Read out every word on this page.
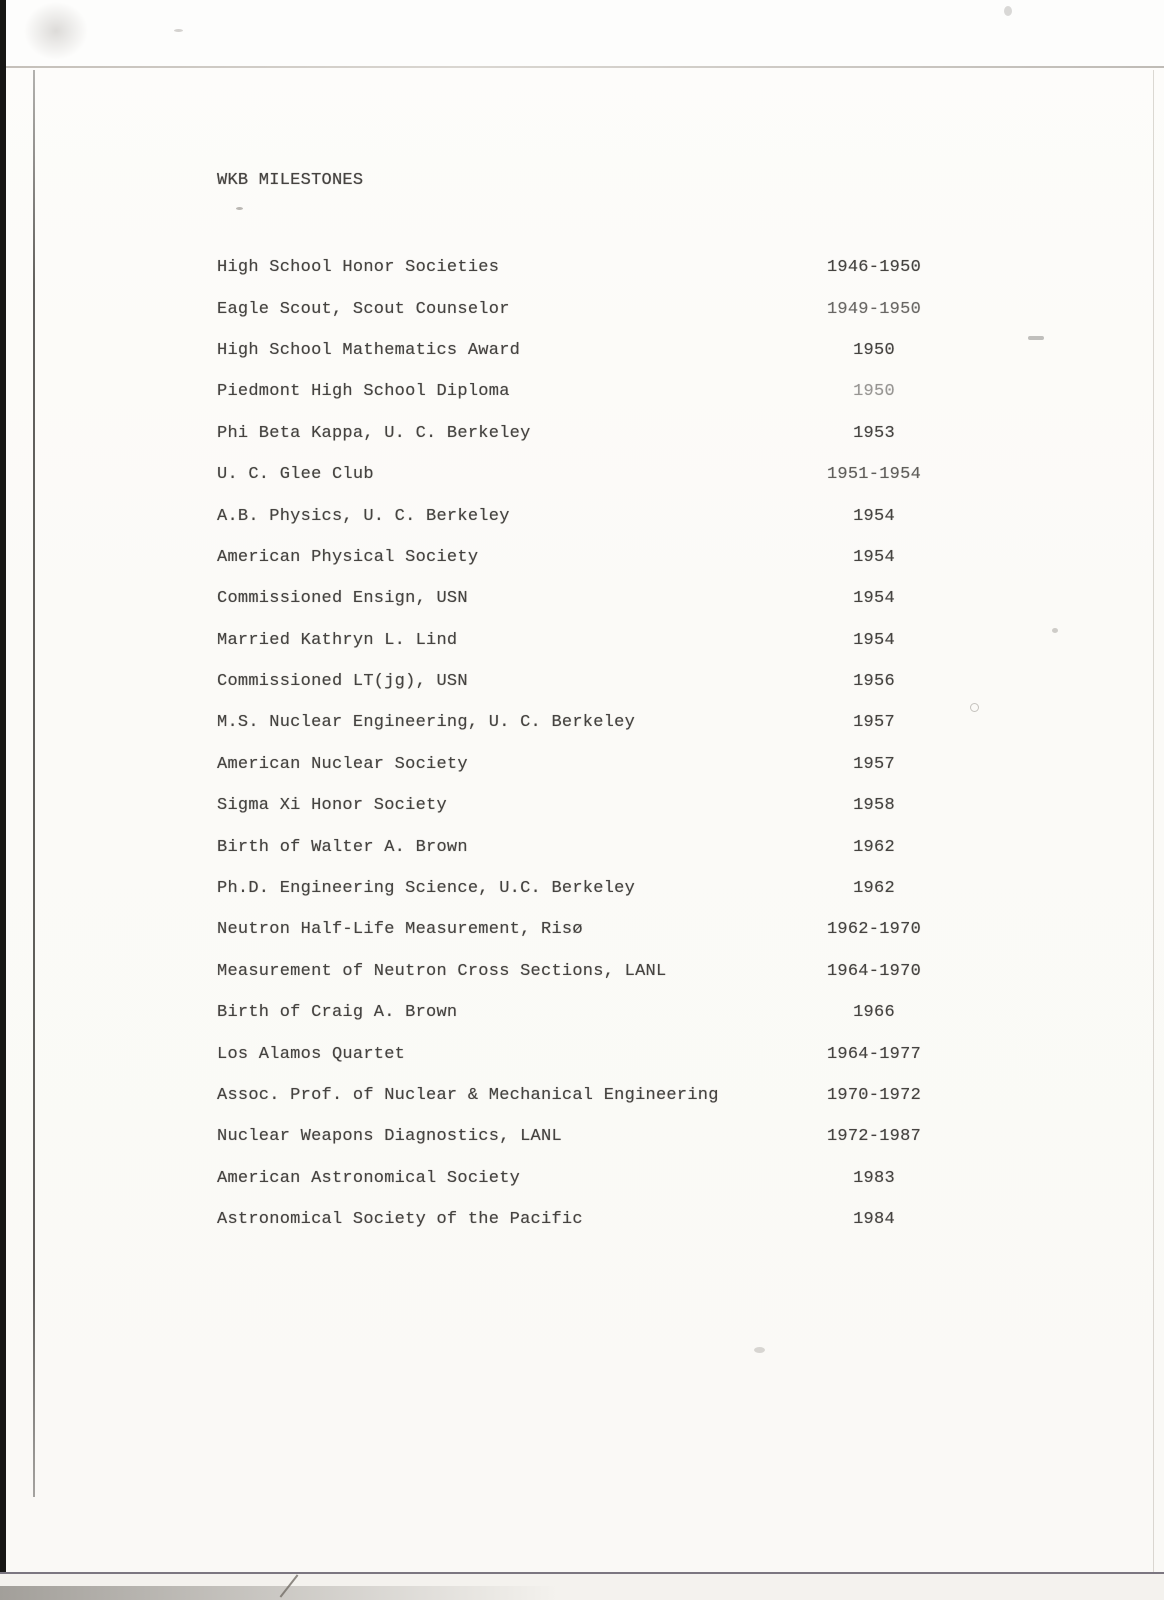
WKB MILESTONES
High School Honor Societies	1946-1950
Eagle Scout, Scout Counselor	1949-1950
High School Mathematics Award	1950
Piedmont High School Diploma	1950
Phi Beta Kappa, U. C. Berkeley	1953
U. C. Glee Club	1951-1954
A.B. Physics, U. C. Berkeley	1954
American Physical Society	1954
Commissioned Ensign, USN	1954
Married Kathryn L. Lind	1954
Commissioned LT(jg), USN	1956
M.S. Nuclear Engineering, U. C. Berkeley	1957
American Nuclear Society	1957
Sigma Xi Honor Society	1958
Birth of Walter A. Brown	1962
Ph.D. Engineering Science, U.C. Berkeley	1962
Neutron Half-Life Measurement, Risø	1962-1970
Measurement of Neutron Cross Sections, LANL	1964-1970
Birth of Craig A. Brown	1966
Los Alamos Quartet	1964-1977
Assoc. Prof. of Nuclear & Mechanical Engineering	1970-1972
Nuclear Weapons Diagnostics, LANL	1972-1987
American Astronomical Society	1983
Astronomical Society of the Pacific	1984
